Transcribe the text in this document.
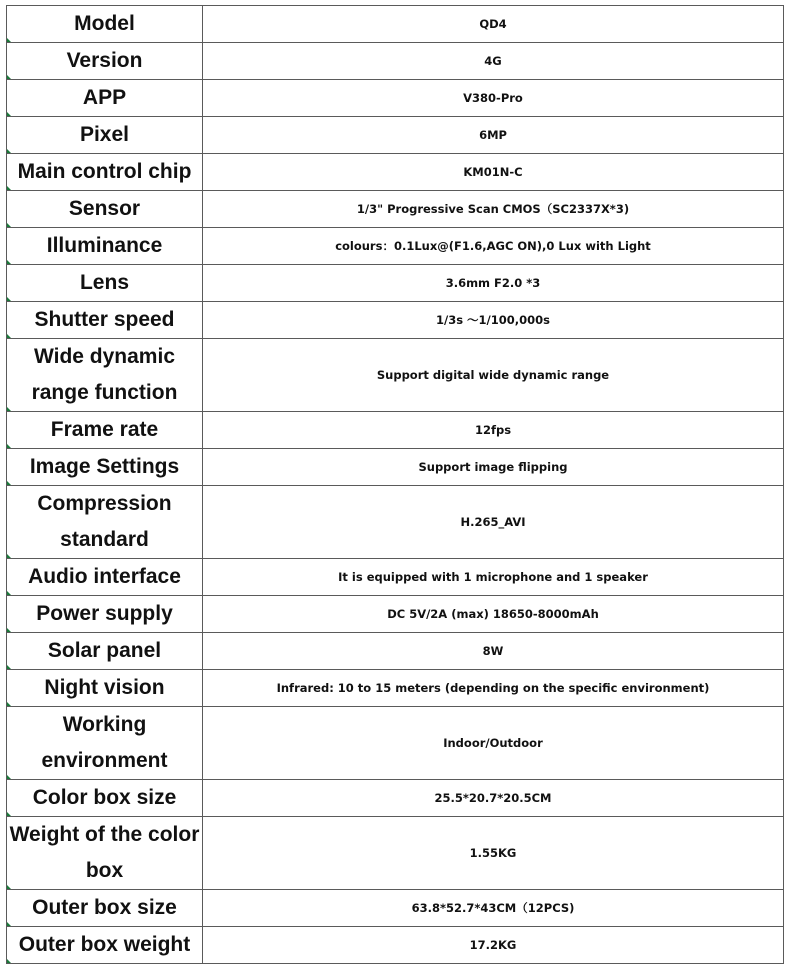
Model	QD4
Version	4G
APP	V380-Pro
Pixel	6MP
Main control chip	KM01N-C
Sensor	1/3" Progressive Scan CMOS（SC2337X*3)
Illuminance	colours：0.1Lux@(F1.6,AGC ON),0 Lux with Light
Lens	3.6mm F2.0 *3
Shutter speed	1/3s ～1/100,000s
Wide dynamic range function	Support digital wide dynamic range
Frame rate	12fps
Image Settings	Support image flipping
Compression standard	H.265_AVI
Audio interface	It is equipped with 1 microphone and 1 speaker
Power supply	DC 5V/2A (max) 18650-8000mAh
Solar panel	8W
Night vision	Infrared: 10 to 15 meters (depending on the specific environment)
Working environment	Indoor/Outdoor
Color box size	25.5*20.7*20.5CM
Weight of the color box	1.55KG
Outer box size	63.8*52.7*43CM（12PCS)
Outer box weight	17.2KG
